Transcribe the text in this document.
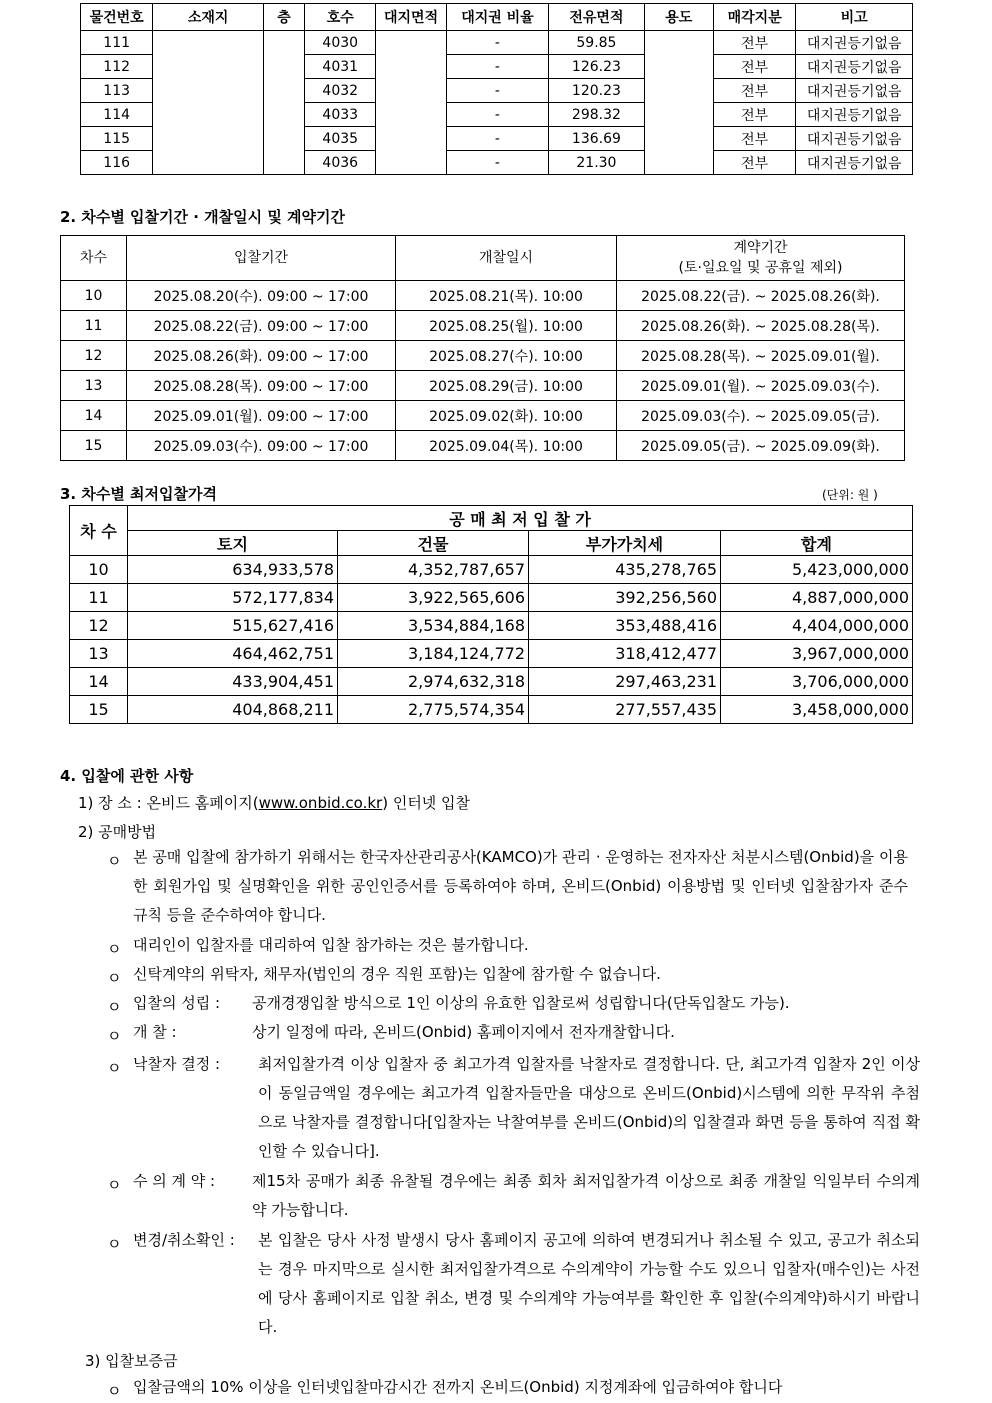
물건번호	소재지	층	호수	대지면적	대지권 비율	전유면적	용도	매각지분	비고
111			4030		-	59.85		전부	대지권등기없음
112			4031		-	126.23		전부	대지권등기없음
113			4032		-	120.23		전부	대지권등기없음
114			4033		-	298.32		전부	대지권등기없음
115			4035		-	136.69		전부	대지권등기없음
116			4036		-	21.30		전부	대지권등기없음
2. 차수별 입찰기간 · 개찰일시 및 계약기간
차수	입찰기간	개찰일시	계약기간
(토·일요일 및 공휴일 제외)

10	2025.08.20(수). 09:00 ~ 17:00	2025.08.21(목). 10:00	2025.08.22(금). ~ 2025.08.26(화).
11	2025.08.22(금). 09:00 ~ 17:00	2025.08.25(월). 10:00	2025.08.26(화). ~ 2025.08.28(목).
12	2025.08.26(화). 09:00 ~ 17:00	2025.08.27(수). 10:00	2025.08.28(목). ~ 2025.09.01(월).
13	2025.08.28(목). 09:00 ~ 17:00	2025.08.29(금). 10:00	2025.09.01(월). ~ 2025.09.03(수).
14	2025.09.01(월). 09:00 ~ 17:00	2025.09.02(화). 10:00	2025.09.03(수). ~ 2025.09.05(금).
15	2025.09.03(수). 09:00 ~ 17:00	2025.09.04(목). 10:00	2025.09.05(금). ~ 2025.09.09(화).
3. 차수별 최저입찰가격	(단위: 원 )
차 수	공 매 최 저 입 찰 가			
	토지	건물	부가가치세	합계
10	634,933,578	4,352,787,657	435,278,765	5,423,000,000
11	572,177,834	3,922,565,606	392,256,560	4,887,000,000
12	515,627,416	3,534,884,168	353,488,416	4,404,000,000
13	464,462,751	3,184,124,772	318,412,477	3,967,000,000
14	433,904,451	2,974,632,318	297,463,231	3,706,000,000
15	404,868,211	2,775,574,354	277,557,435	3,458,000,000
4. 입찰에 관한 사항
1) 장 소 : 온비드 홈페이지(www.onbid.co.kr) 인터넷 입찰
2) 공매방법
ㅇ 본 공매 입찰에 참가하기 위해서는 한국자산관리공사(KAMCO)가 관리 · 운영하는 전자자산 처분시스템(Onbid)을 이용한 회원가입 및 실명확인을 위한 공인인증서를 등록하여야 하며, 온비드(Onbid) 이용방법 및 인터넷 입찰참가자 준수규칙 등을 준수하여야 합니다.
ㅇ 대리인이 입찰자를 대리하여 입찰 참가하는 것은 불가합니다.
ㅇ 신탁계약의 위탁자, 채무자(법인의 경우 직원 포함)는 입찰에 참가할 수 없습니다.
ㅇ 입찰의 성립 :	공개경쟁입찰 방식으로 1인 이상의 유효한 입찰로써 성립합니다(단독입찰도 가능).
ㅇ 개 찰 :	상기 일정에 따라, 온비드(Onbid) 홈페이지에서 전자개찰합니다.
ㅇ 낙찰자 결정 :	최저입찰가격 이상 입찰자 중 최고가격 입찰자를 낙찰자로 결정합니다. 단, 최고가격 입찰자 2인 이상이 동일금액일 경우에는 최고가격 입찰자들만을 대상으로 온비드(Onbid)시스템에 의한 무작위 추첨으로 낙찰자를 결정합니다[입찰자는 낙찰여부를 온비드(Onbid)의 입찰결과 화면 등을 통하여 직접 확인할 수 있습니다].
ㅇ 수 의 계 약 :	제15차 공매가 최종 유찰될 경우에는 최종 회차 최저입찰가격 이상으로 최종 개찰일 익일부터 수의계약 가능합니다.
ㅇ 변경/취소확인 :	본 입찰은 당사 사정 발생시 당사 홈페이지 공고에 의하여 변경되거나 취소될 수 있고, 공고가 취소되는 경우 마지막으로 실시한 최저입찰가격으로 수의계약이 가능할 수도 있으니 입찰자(매수인)는 사전에 당사 홈페이지로 입찰 취소, 변경 및 수의계약 가능여부를 확인한 후 입찰(수의계약)하시기 바랍니다.
3) 입찰보증금
ㅇ 입찰금액의 10% 이상을 인터넷입찰마감시간 전까지 온비드(Onbid) 지정계좌에 입금하여야 합니다
